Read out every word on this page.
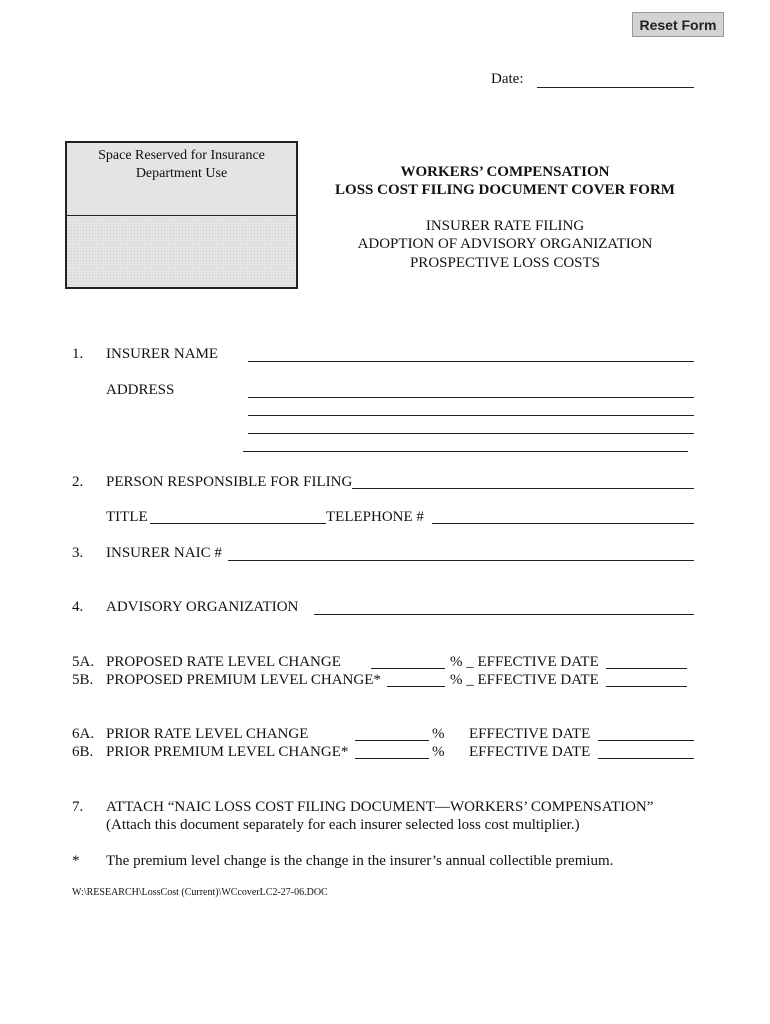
Reset Form
Date:
Space Reserved for Insurance
Department Use	WORKERS’ COMPENSATION
LOSS COST FILING DOCUMENT COVER FORM
INSURER RATE FILING
ADOPTION OF ADVISORY ORGANIZATION
PROSPECTIVE LOSS COSTS
1. INSURER NAME
ADDRESS
2. PERSON RESPONSIBLE FOR FILING
TITLE	TELEPHONE #
3. INSURER NAIC #
4. ADVISORY ORGANIZATION
5A. PROPOSED RATE LEVEL CHANGE	% _ EFFECTIVE DATE
5B. PROPOSED PREMIUM LEVEL CHANGE*	% _ EFFECTIVE DATE
6A. PRIOR RATE LEVEL CHANGE	% EFFECTIVE DATE
6B. PRIOR PREMIUM LEVEL CHANGE*	% EFFECTIVE DATE
7. ATTACH “NAIC LOSS COST FILING DOCUMENT—WORKERS’ COMPENSATION”
(Attach this document separately for each insurer selected loss cost multiplier.)
* The premium level change is the change in the insurer’s annual collectible premium.
W:\RESEARCH\LossCost (Current)\WCcoverLC2-27-06.DOC
